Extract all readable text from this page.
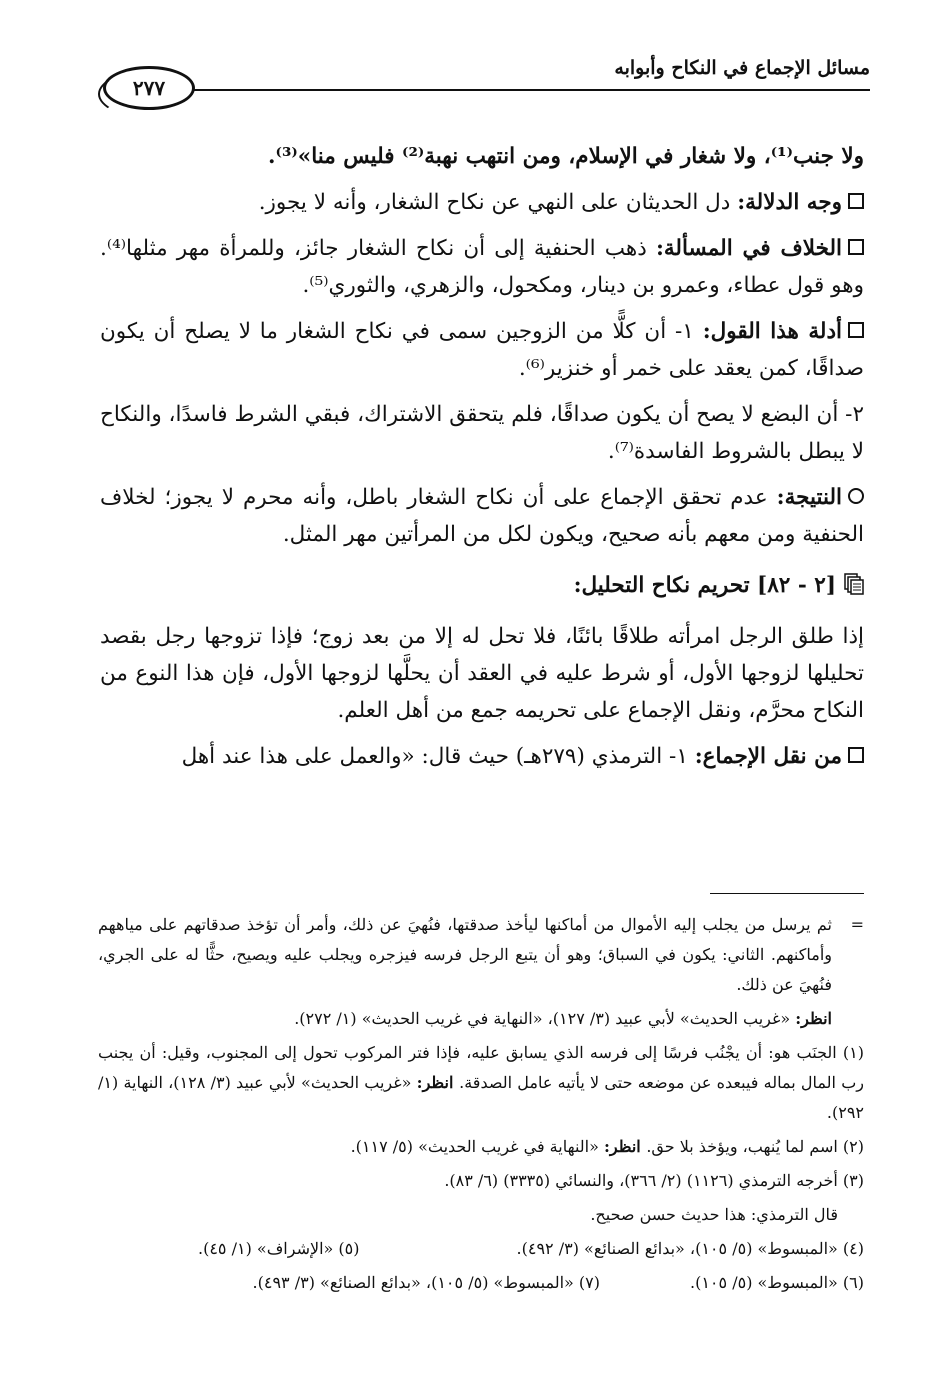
مسائل الإجماع في النكاح وأبوابه
٢٧٧

ولا جنب⁽¹⁾، ولا شغار في الإسلام، ومن انتهب نهبة⁽²⁾ فليس منا»⁽³⁾.

وجه الدلالة: دل الحديثان على النهي عن نكاح الشغار، وأنه لا يجوز.

الخلاف في المسألة: ذهب الحنفية إلى أن نكاح الشغار جائز، وللمرأة مهر مثلها⁽⁴⁾. وهو قول عطاء، وعمرو بن دينار، ومكحول، والزهري، والثوري⁽⁵⁾.

أدلة هذا القول: ١- أن كلًّا من الزوجين سمى في نكاح الشغار ما لا يصلح أن يكون صداقًا، كمن يعقد على خمر أو خنزير⁽⁶⁾.

٢- أن البضع لا يصح أن يكون صداقًا، فلم يتحقق الاشتراك، فبقي الشرط فاسدًا، والنكاح لا يبطل بالشروط الفاسدة⁽⁷⁾.

النتيجة: عدم تحقق الإجماع على أن نكاح الشغار باطل، وأنه محرم لا يجوز؛ لخلاف الحنفية ومن معهم بأنه صحيح، ويكون لكل من المرأتين مهر المثل.

[٢ - ٨٢] تحريم نكاح التحليل:

إذا طلق الرجل امرأته طلاقًا بائنًا، فلا تحل له إلا من بعد زوج؛ فإذا تزوجها رجل بقصد تحليلها لزوجها الأول، أو شرط عليه في العقد أن يحلَّها لزوجها الأول، فإن هذا النوع من النكاح محرَّم، ونقل الإجماع على تحريمه جمع من أهل العلم.

من نقل الإجماع: ١- الترمذي (٢٧٩هـ) حيث قال: «والعمل على هذا عند أهل

=
ثم يرسل من يجلب إليه الأموال من أماكنها ليأخذ صدقتها، فنُهيَ عن ذلك، وأمر أن تؤخذ صدقاتهم على مياههم وأماكنهم. الثاني: يكون في السباق؛ وهو أن يتبع الرجل فرسه فيزجره ويجلب عليه ويصيح، حثًّا له على الجري، فنُهيَ عن ذلك.

انظر: «غريب الحديث» لأبي عبيد (٣/ ١٢٧)، «النهاية في غريب الحديث» (١/ ٢٧٢).

(١) الجنَب هو: أن يجْنُب فرسًا إلى فرسه الذي يسابق عليه، فإذا فتر المركوب تحول إلى المجنوب، وقيل: أن يجنب رب المال بماله فيبعده عن موضعه حتى لا يأتيه عامل الصدقة. انظر: «غريب الحديث» لأبي عبيد (٣/ ١٢٨)، النهاية (١/ ٢٩٢).

(٢) اسم لما يُنهب، ويؤخذ بلا حق. انظر: «النهاية في غريب الحديث» (٥/ ١١٧).

(٣) أخرجه الترمذي (١١٢٦) (٢/ ٣٦٦)، والنسائي (٣٣٣٥) (٦/ ٨٣).

قال الترمذي: هذا حديث حسن صحيح.

(٤) «المبسوط» (٥/ ١٠٥)، «بدائع الصنائع» (٣/ ٤٩٢).
(٥) «الإشراف» (١/ ٤٥).
(٦) «المبسوط» (٥/ ١٠٥).
(٧) «المبسوط» (٥/ ١٠٥)، «بدائع الصنائع» (٣/ ٤٩٣).
